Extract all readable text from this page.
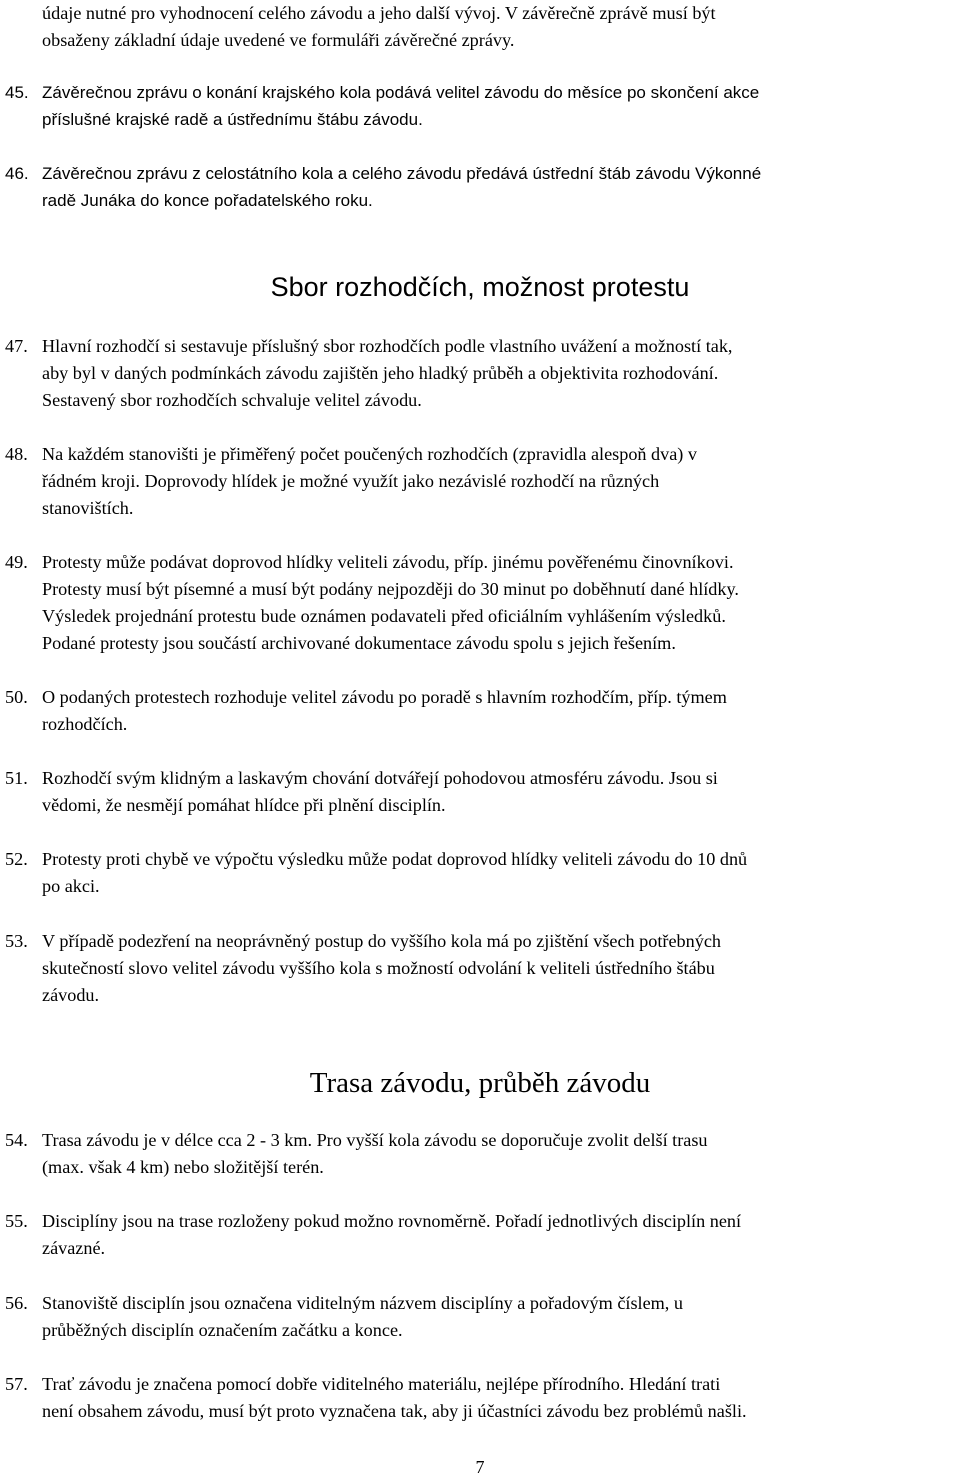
údaje nutné pro vyhodnocení celého závodu a jeho další vývoj. V závěrečně zprávě musí být
obsaženy základní údaje uvedené ve formuláři závěrečné zprávy.
45. Závěrečnou zprávu o konání krajského kola podává velitel závodu do měsíce po skončení akce
příslušné krajské radě a ústřednímu štábu závodu.
46. Závěrečnou zprávu z celostátního kola a celého závodu předává ústřední štáb závodu Výkonné
radě Junáka do konce pořadatelského roku.
Sbor rozhodčích, možnost protestu
47. Hlavní rozhodčí si sestavuje příslušný sbor rozhodčích podle vlastního uvážení a možností tak,
aby byl v daných podmínkách závodu zajištěn jeho hladký průběh a objektivita rozhodování.
Sestavený sbor rozhodčích schvaluje velitel závodu.
48. Na každém stanovišti je přiměřený počet poučených rozhodčích (zpravidla alespoň dva) v
řádném kroji. Doprovody hlídek je možné využít jako nezávislé rozhodčí na různých
stanovištích.
49. Protesty může podávat doprovod hlídky veliteli závodu, příp. jinému pověřenému činovníkovi.
Protesty musí být písemné a musí být podány nejpozději do 30 minut po doběhnutí dané hlídky.
Výsledek projednání protestu bude oznámen podavateli před oficiálním vyhlášením výsledků.
Podané protesty jsou součástí archivované dokumentace závodu spolu s jejich řešením.
50. O podaných protestech rozhoduje velitel závodu po poradě s hlavním rozhodčím, příp. týmem
rozhodčích.
51. Rozhodčí svým klidným a laskavým chování dotvářejí pohodovou atmosféru závodu. Jsou si
vědomi, že nesmějí pomáhat hlídce při plnění disciplín.
52. Protesty proti chybě ve výpočtu výsledku může podat doprovod hlídky veliteli závodu do 10 dnů
po akci.
53. V případě podezření na neoprávněný postup do vyššího kola má po zjištění všech potřebných
skutečností slovo velitel závodu vyššího kola s možností odvolání k veliteli ústředního štábu
závodu.
Trasa závodu, průběh závodu
54. Trasa závodu je v délce cca 2 - 3 km. Pro vyšší kola závodu se doporučuje zvolit delší trasu
(max. však 4 km) nebo složitější terén.
55. Disciplíny jsou na trase rozloženy pokud možno rovnoměrně. Pořadí jednotlivých disciplín není
závazné.
56. Stanoviště disciplín jsou označena viditelným názvem disciplíny a pořadovým číslem, u
průběžných disciplín označením začátku a konce.
57. Trať závodu je značena pomocí dobře viditelného materiálu, nejlépe přírodního. Hledání trati
není obsahem závodu, musí být proto vyznačena tak, aby ji účastníci závodu bez problémů našli.
7
